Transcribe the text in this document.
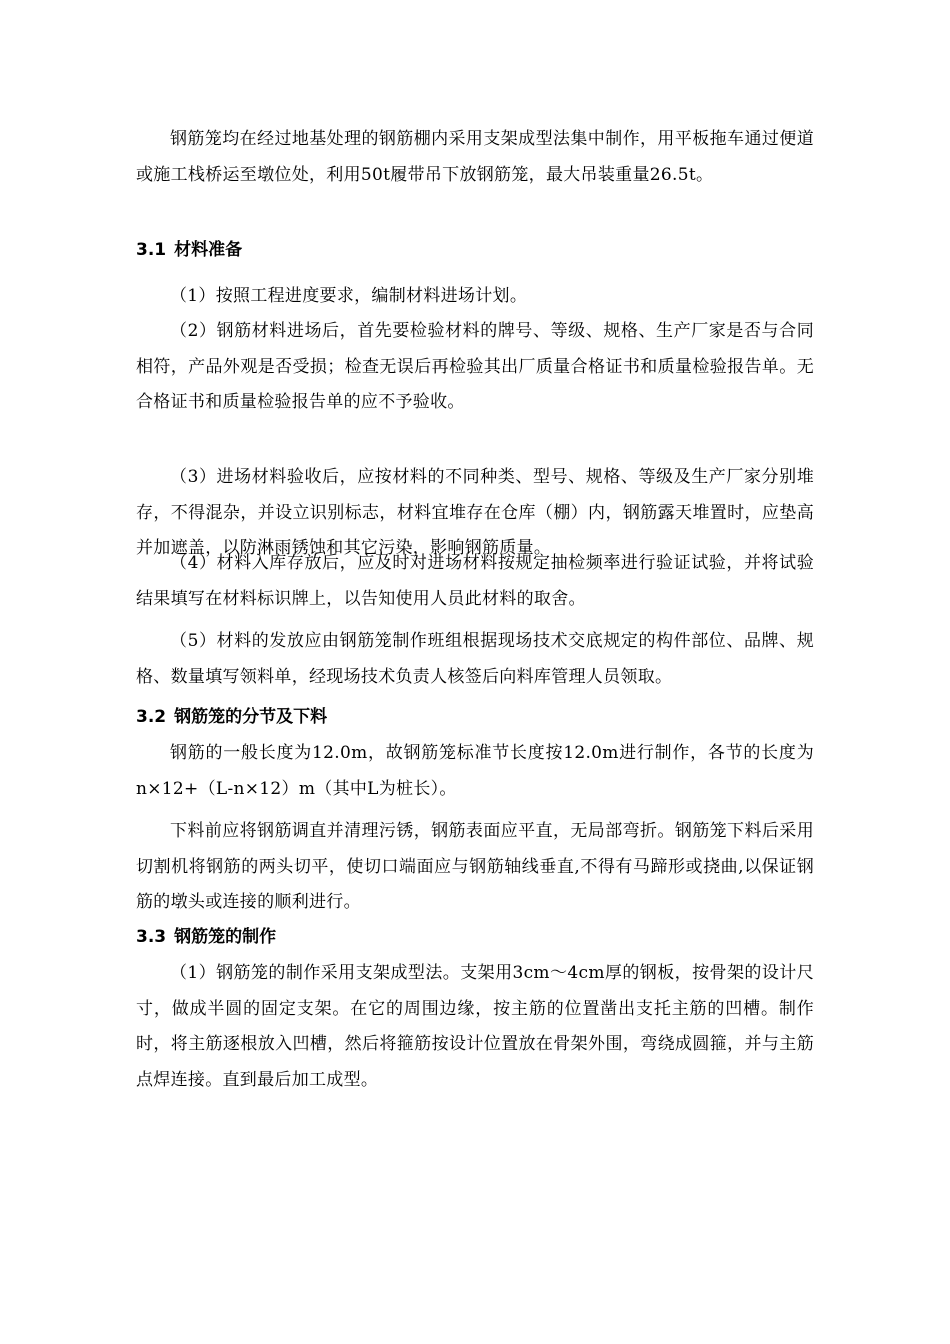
钢筋笼均在经过地基处理的钢筋棚内采用支架成型法集中制作，用平板拖车通过便道或施工栈桥运至墩位处，利用50t履带吊下放钢筋笼，最大吊装重量26.5t。

3.1 材料准备

（1）按照工程进度要求，编制材料进场计划。

（2）钢筋材料进场后，首先要检验材料的牌号、等级、规格、生产厂家是否与合同相符，产品外观是否受损；检查无误后再检验其出厂质量合格证书和质量检验报告单。无合格证书和质量检验报告单的应不予验收。

（3）进场材料验收后，应按材料的不同种类、型号、规格、等级及生产厂家分别堆存，不得混杂，并设立识别标志，材料宜堆存在仓库（棚）内，钢筋露天堆置时，应垫高并加遮盖，以防淋雨锈蚀和其它污染，影响钢筋质量。

（4）材料入库存放后，应及时对进场材料按规定抽检频率进行验证试验，并将试验结果填写在材料标识牌上，以告知使用人员此材料的取舍。

（5）材料的发放应由钢筋笼制作班组根据现场技术交底规定的构件部位、品牌、规格、数量填写领料单，经现场技术负责人核签后向料库管理人员领取。

3.2 钢筋笼的分节及下料

钢筋的一般长度为12.0m，故钢筋笼标准节长度按12.0m进行制作，各节的长度为n×12+（L-n×12）m（其中L为桩长）。

下料前应将钢筋调直并清理污锈，钢筋表面应平直，无局部弯折。钢筋笼下料后采用切割机将钢筋的两头切平，使切口端面应与钢筋轴线垂直,不得有马蹄形或挠曲,以保证钢筋的墩头或连接的顺利进行。

3.3 钢筋笼的制作

（1）钢筋笼的制作采用支架成型法。支架用3cm～4cm厚的钢板，按骨架的设计尺寸，做成半圆的固定支架。在它的周围边缘，按主筋的位置凿出支托主筋的凹槽。制作时，将主筋逐根放入凹槽，然后将箍筋按设计位置放在骨架外围，弯绕成圆箍，并与主筋点焊连接。直到最后加工成型。
